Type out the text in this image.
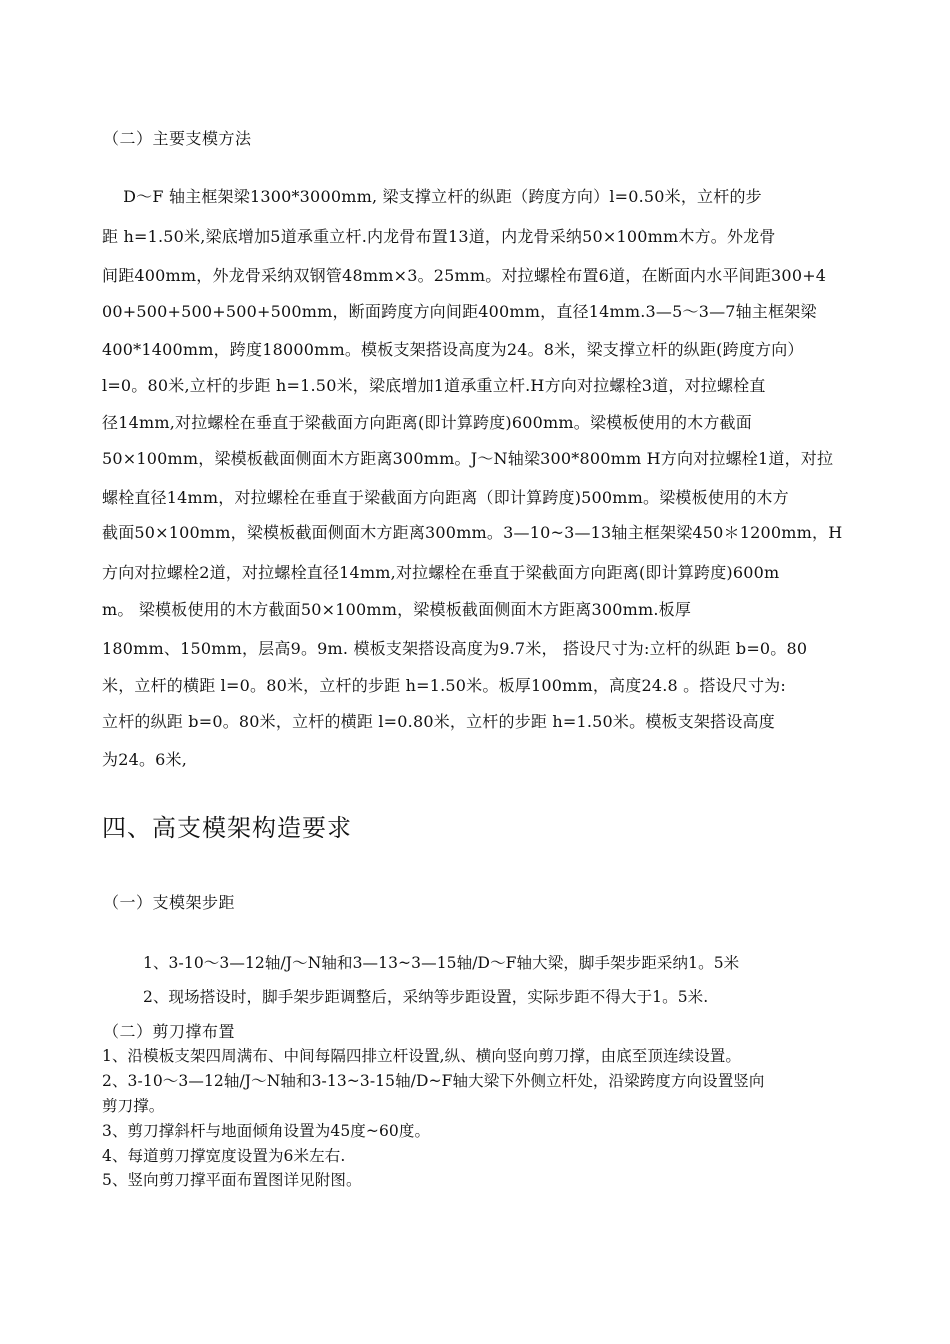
（二）主要支模方法
D～F 轴主框架梁1300*3000mm, 梁支撑立杆的纵距（跨度方向）l=0.50米，立杆的步
距 h=1.50米,梁底增加5道承重立杆.内龙骨布置13道，内龙骨采纳50×100mm木方。外龙骨
间距400mm，外龙骨采纳双钢管48mm×3。25mm。对拉螺栓布置6道，在断面内水平间距300+4
00+500+500+500+500mm，断面跨度方向间距400mm，直径14mm.3—5～3—7轴主框架梁
400*1400mm，跨度18000mm。模板支架搭设高度为24。8米，梁支撑立杆的纵距(跨度方向）
l=0。80米,立杆的步距 h=1.50米，梁底增加1道承重立杆.H方向对拉螺栓3道，对拉螺栓直
径14mm,对拉螺栓在垂直于梁截面方向距离(即计算跨度)600mm。梁模板使用的木方截面
50×100mm，梁模板截面侧面木方距离300mm。J～N轴梁300*800mm H方向对拉螺栓1道，对拉
螺栓直径14mm，对拉螺栓在垂直于梁截面方向距离（即计算跨度)500mm。梁模板使用的木方
截面50×100mm，梁模板截面侧面木方距离300mm。3—10~3—13轴主框架梁450＊1200mm，H
方向对拉螺栓2道，对拉螺栓直径14mm,对拉螺栓在垂直于梁截面方向距离(即计算跨度)600m
m。 梁模板使用的木方截面50×100mm，梁模板截面侧面木方距离300mm.板厚
180mm、150mm，层高9。9m. 模板支架搭设高度为9.7米， 搭设尺寸为:立杆的纵距 b=0。80
米，立杆的横距 l=0。80米，立杆的步距 h=1.50米。板厚100mm，高度24.8 。搭设尺寸为:
立杆的纵距 b=0。80米，立杆的横距 l=0.80米，立杆的步距 h=1.50米。模板支架搭设高度
为24。6米,
四、高支模架构造要求
（一）支模架步距
1、3-10～3—12轴/J～N轴和3—13~3—15轴/D～F轴大梁，脚手架步距采纳1。5米
2、现场搭设时，脚手架步距调整后，采纳等步距设置，实际步距不得大于1。5米.
（二）剪刀撑布置
1、沿模板支架四周满布、中间每隔四排立杆设置,纵、横向竖向剪刀撑，由底至顶连续设置。
2、3-10～3—12轴/J～N轴和3-13~3-15轴/D~F轴大梁下外侧立杆处，沿梁跨度方向设置竖向
剪刀撑。
3、剪刀撑斜杆与地面倾角设置为45度~60度。
4、每道剪刀撑宽度设置为6米左右.
5、竖向剪刀撑平面布置图详见附图。
